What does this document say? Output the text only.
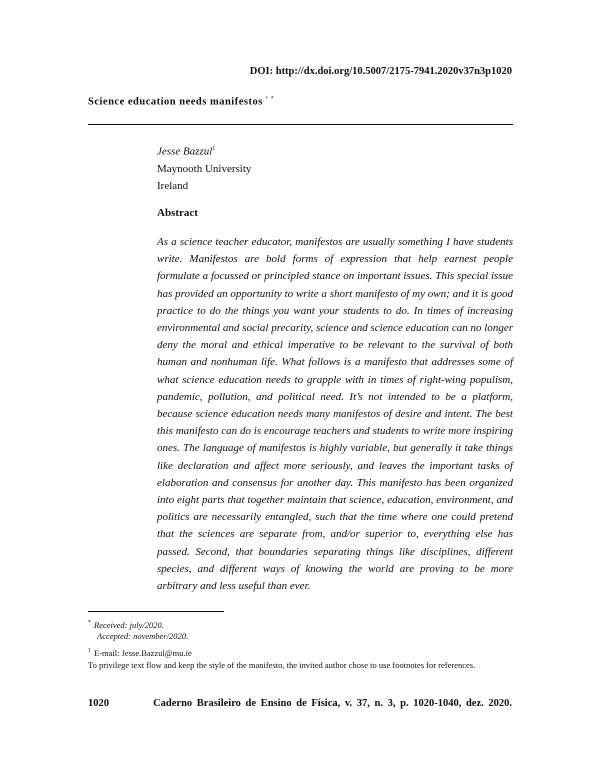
DOI: http://dx.doi.org/10.5007/2175-7941.2020v37n3p1020
Science education needs manifestos + *
Jesse Bazzul$^1$
Maynooth University
Ireland
Abstract

As a science teacher educator, manifestos are usually something I have students write. Manifestos are bold forms of expression that help earnest people formulate a focussed or principled stance on important issues. This special issue has provided an opportunity to write a short manifesto of my own; and it is good practice to do the things you want your students to do. In times of increasing environmental and social precarity, science and science education can no longer deny the moral and ethical imperative to be relevant to the survival of both human and nonhuman life. What follows is a manifesto that addresses some of what science education needs to grapple with in times of right-wing populism, pandemic, pollution, and political need. It’s not intended to be a platform, because science education needs many manifestos of desire and intent. The best this manifesto can do is encourage teachers and students to write more inspiring ones. The language of manifestos is highly variable, but generally it take things like declaration and affect more seriously, and leaves the important tasks of elaboration and consensus for another day. This manifesto has been organized into eight parts that together maintain that science, education, environment, and politics are necessarily entangled, such that the time where one could pretend that the sciences are separate from, and/or superior to, everything else has passed. Second, that boundaries separating things like disciplines, different species, and different ways of knowing the world are proving to be more arbitrary and less useful than ever.

* Received: july/2020.
Accepted: november/2020.
$^1$ E-mail: Jesse.Bazzul@mu.ie
To privilege text flow and keep the style of the manifesto, the invited author chose to use footnotes for references.
1020	Caderno Brasileiro de Ensino de Física, v. 37, n. 3, p. 1020-1040, dez. 2020.
